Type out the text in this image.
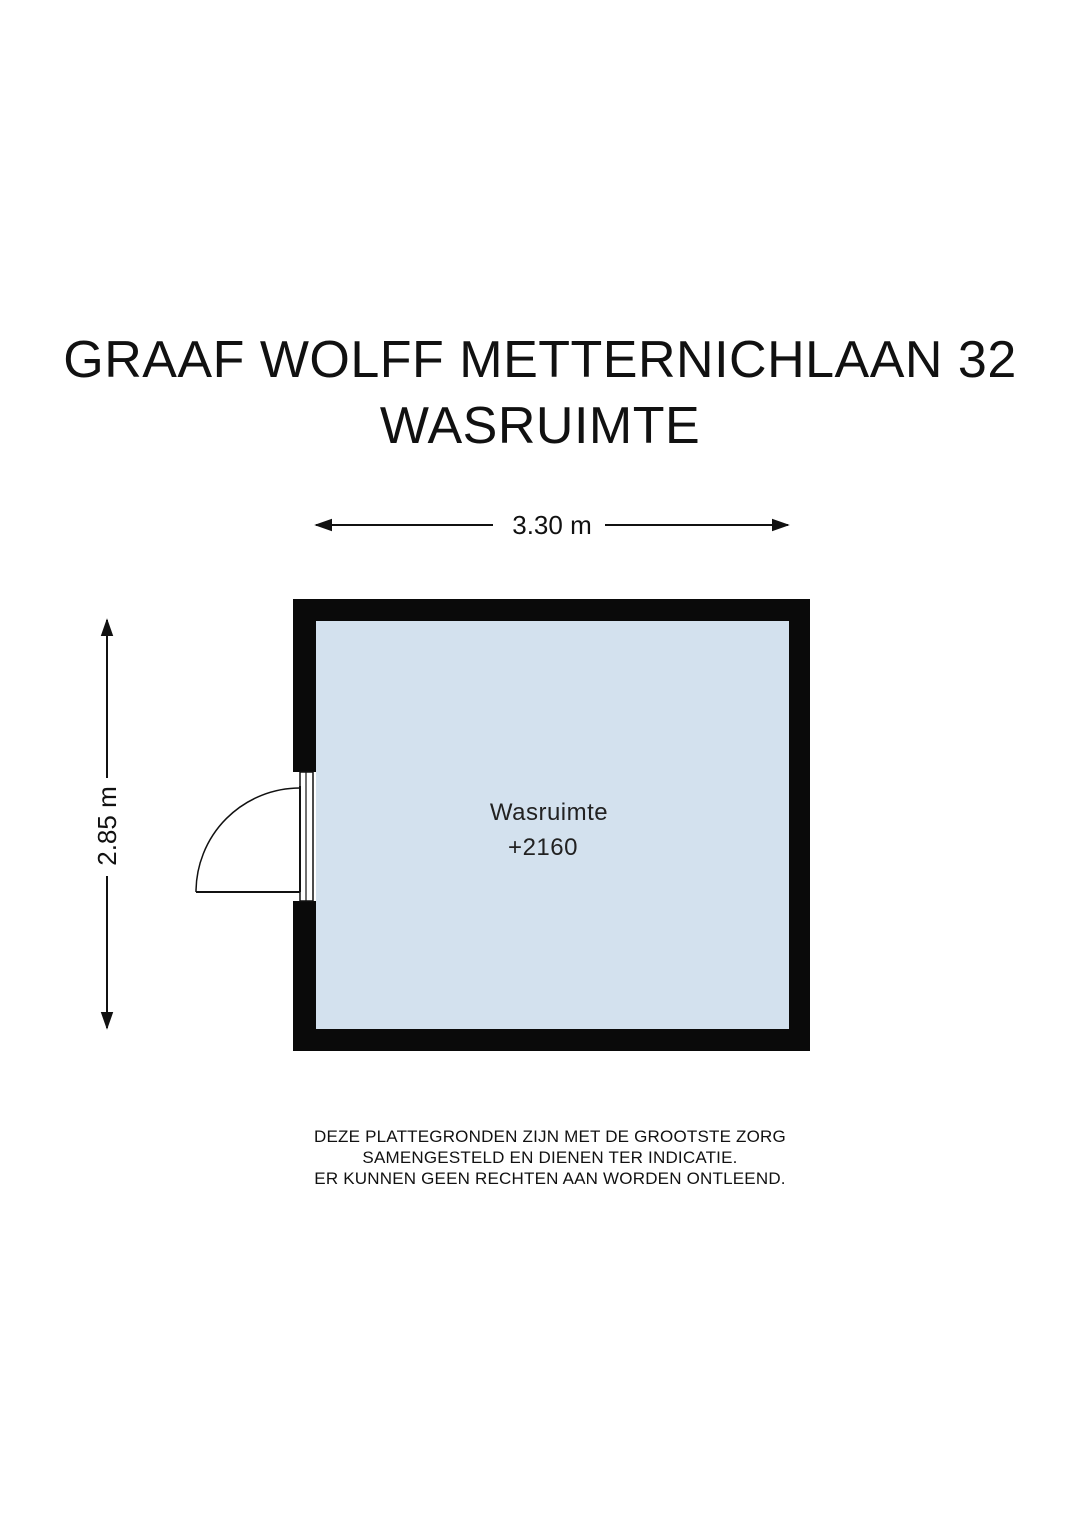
GRAAF WOLFF METTERNICHLAAN 32
WASRUIMTE
3.30 m
2.85 m	Wasruimte
+2160
DEZE PLATTEGRONDEN ZIJN MET DE GROOTSTE ZORG
SAMENGESTELD EN DIENEN TER INDICATIE.
ER KUNNEN GEEN RECHTEN AAN WORDEN ONTLEEND.
